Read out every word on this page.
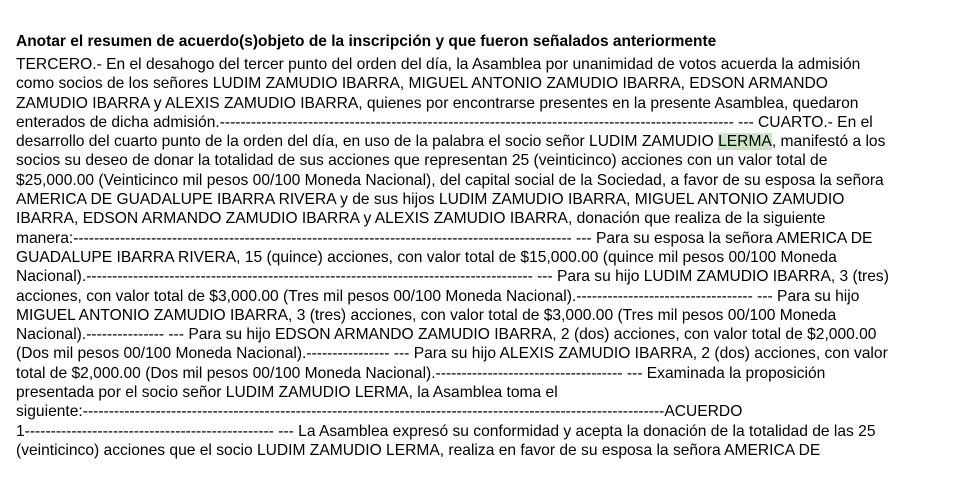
Anotar el resumen de acuerdo(s)objeto de la inscripción y que fueron señalados anteriormente
TERCERO.- En el desahogo del tercer punto del orden del día, la Asamblea por unanimidad de votos acuerda la admisión
como socios de los señores LUDIM ZAMUDIO IBARRA, MIGUEL ANTONIO ZAMUDIO IBARRA, EDSON ARMANDO
ZAMUDIO IBARRA y ALEXIS ZAMUDIO IBARRA, quienes por encontrarse presentes en la presente Asamblea, quedaron
enterados de dicha admisión.--------------------------------------------------------------------------------------------------- --- CUARTO.- En el
desarrollo del cuarto punto de la orden del día, en uso de la palabra el socio señor LUDIM ZAMUDIO LERMA, manifestó a los
socios su deseo de donar la totalidad de sus acciones que representan 25 (veinticinco) acciones con un valor total de
$25,000.00 (Veinticinco mil pesos 00/100 Moneda Nacional), del capital social de la Sociedad, a favor de su esposa la señora
AMERICA DE GUADALUPE IBARRA RIVERA y de sus hijos LUDIM ZAMUDIO IBARRA, MIGUEL ANTONIO ZAMUDIO
IBARRA, EDSON ARMANDO ZAMUDIO IBARRA y ALEXIS ZAMUDIO IBARRA, donación que realiza de la siguiente
manera:------------------------------------------------------------------------------------------------ --- Para su esposa la señora AMERICA DE
GUADALUPE IBARRA RIVERA, 15 (quince) acciones, con valor total de $15,000.00 (quince mil pesos 00/100 Moneda
Nacional).-------------------------------------------------------------------------------------- --- Para su hijo LUDIM ZAMUDIO IBARRA, 3 (tres)
acciones, con valor total de $3,000.00 (Tres mil pesos 00/100 Moneda Nacional).---------------------------------- --- Para su hijo
MIGUEL ANTONIO ZAMUDIO IBARRA, 3 (tres) acciones, con valor total de $3,000.00 (Tres mil pesos 00/100 Moneda
Nacional).--------------- --- Para su hijo EDSON ARMANDO ZAMUDIO IBARRA, 2 (dos) acciones, con valor total de $2,000.00
(Dos mil pesos 00/100 Moneda Nacional).---------------- --- Para su hijo ALEXIS ZAMUDIO IBARRA, 2 (dos) acciones, con valor
total de $2,000.00 (Dos mil pesos 00/100 Moneda Nacional).------------------------------------ --- Examinada la proposición
presentada por el socio señor LUDIM ZAMUDIO LERMA, la Asamblea toma el
siguiente:----------------------------------------------------------------------------------------------------------------ACUERDO
1------------------------------------------------ --- La Asamblea expresó su conformidad y acepta la donación de la totalidad de las 25
(veinticinco) acciones que el socio LUDIM ZAMUDIO LERMA, realiza en favor de su esposa la señora AMERICA DE
